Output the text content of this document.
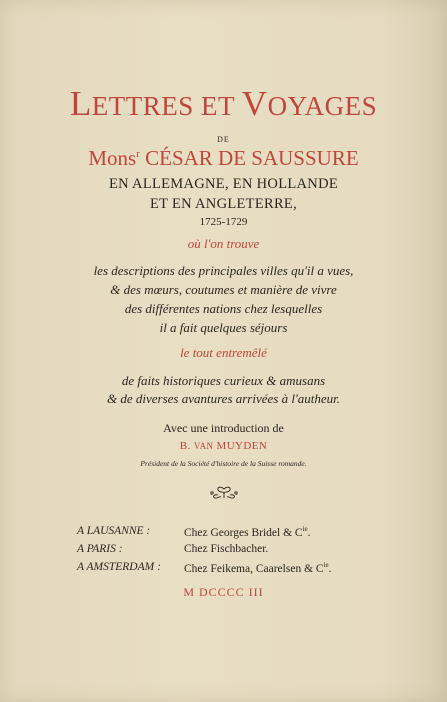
LETTRES ET VOYAGES
DE
Mons$^r$ CÉSAR DE SAUSSURE
EN ALLEMAGNE, EN HOLLANDE
ET EN ANGLETERRE,
1725-1729
où l'on trouve
les descriptions des principales villes qu'il a vues,
& des mœurs, coutumes et manière de vivre
des différentes nations chez lesquelles
il a fait quelques séjours
le tout entremêlé
de faits historiques curieux & amusans
& de diverses avantures arrivées à l'autheur.
Avec une introduction de
B. VAN MUYDEN
Président de la Société d'histoire de la Suisse romande.
A LAUSANNE :	Chez Georges Bridel & $C^{ie}$.
A PARIS :	Chez Fischbacher.
A AMSTERDAM : Chez Feikema, Caarelsen & $C^{ie}$.
M DCCCC III
